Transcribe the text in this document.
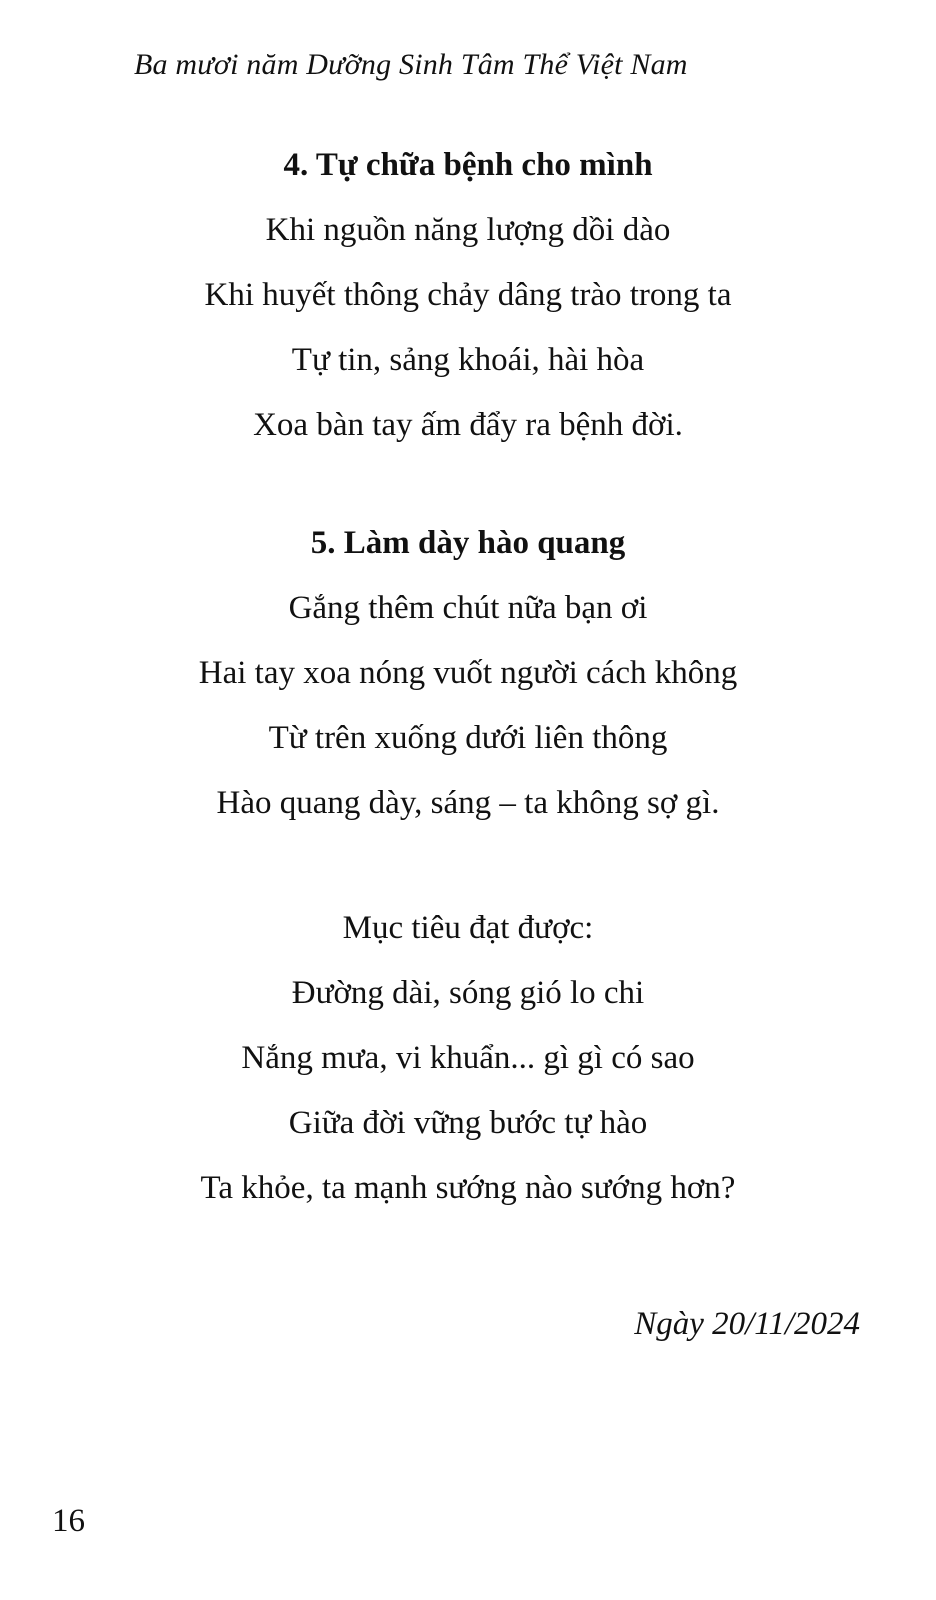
Ba mươi năm Dưỡng Sinh Tâm Thể Việt Nam
4. Tự chữa bệnh cho mình
Khi nguồn năng lượng dồi dào
Khi huyết thông chảy dâng trào trong ta
Tự tin, sảng khoái, hài hòa
Xoa bàn tay ấm đẩy ra bệnh đời.
5. Làm dày hào quang
Gắng thêm chút nữa bạn ơi
Hai tay xoa nóng vuốt người cách không
Từ trên xuống dưới liên thông
Hào quang dày, sáng – ta không sợ gì.
Mục tiêu đạt được:
Đường dài, sóng gió lo chi
Nắng mưa, vi khuẩn... gì gì có sao
Giữa đời vững bước tự hào
Ta khỏe, ta mạnh sướng nào sướng hơn?
Ngày 20/11/2024
16
